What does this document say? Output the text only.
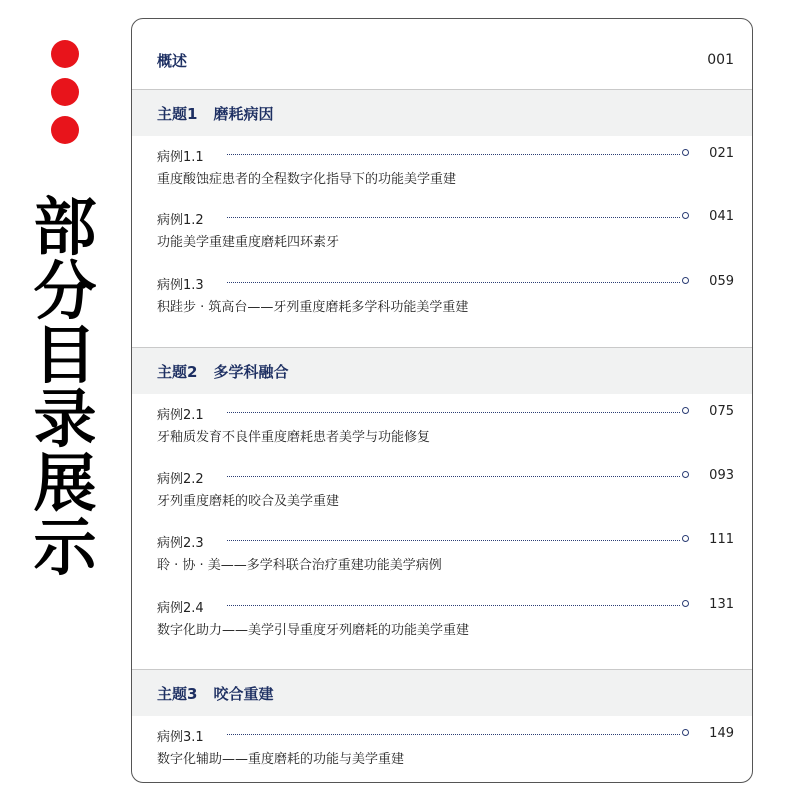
部
分
目
录
展
示
概述	001
主题1 磨耗病因
病例1.1	021
重度酸蚀症患者的全程数字化指导下的功能美学重建
病例1.2	041
功能美学重建重度磨耗四环素牙
病例1.3	059
积跬步 · 筑高台——牙列重度磨耗多学科功能美学重建
主题2 多学科融合
病例2.1	075
牙釉质发育不良伴重度磨耗患者美学与功能修复
病例2.2	093
牙列重度磨耗的咬合及美学重建
病例2.3	111
聆 · 协 · 美——多学科联合治疗重建功能美学病例
病例2.4	131
数字化助力——美学引导重度牙列磨耗的功能美学重建
主题3 咬合重建
病例3.1	149
数字化辅助——重度磨耗的功能与美学重建
